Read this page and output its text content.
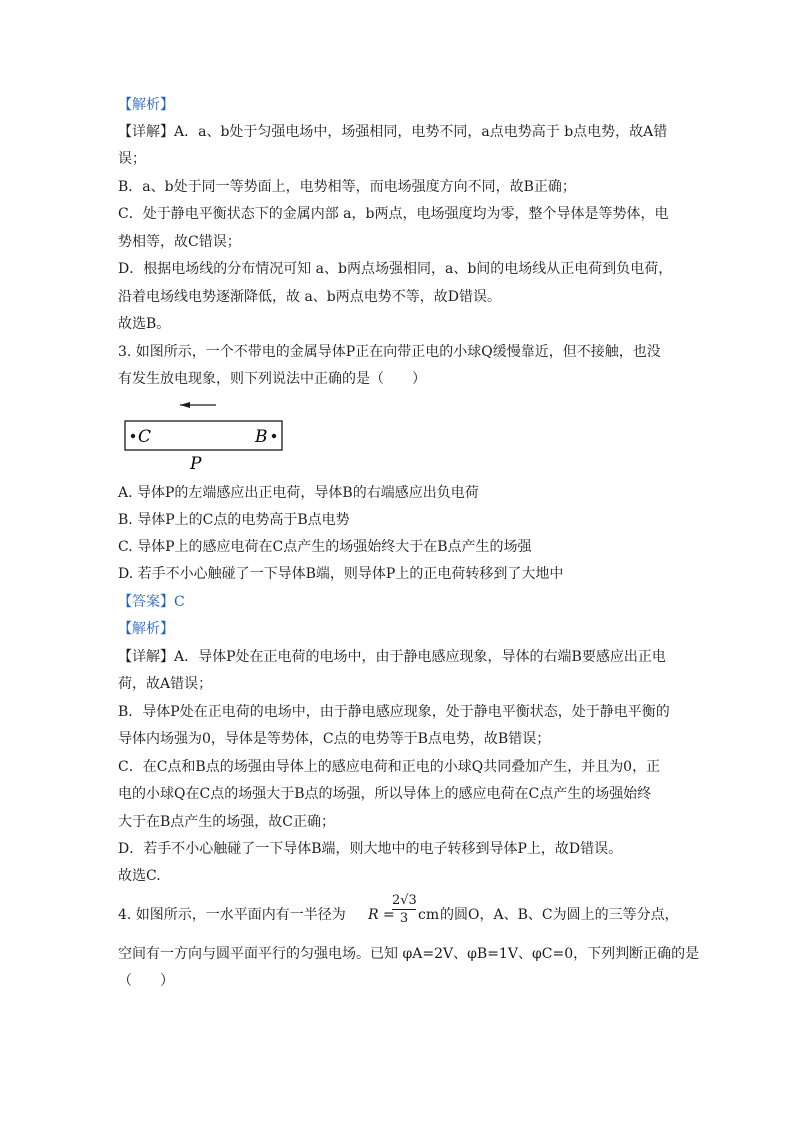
【解析】
【详解】A．a、b处于匀强电场中，场强相同，电势不同，a点电势高于 b点电势，故A错
误；
B．a、b处于同一等势面上，电势相等，而电场强度方向不同，故B正确；
C．处于静电平衡状态下的金属内部 a，b两点，电场强度均为零，整个导体是等势体，电
势相等，故C错误；
D．根据电场线的分布情况可知 a、b两点场强相同，a、b间的电场线从正电荷到负电荷，
沿着电场线电势逐渐降低，故 a、b两点电势不等，故D错误。
故选B。
3. 如图所示，一个不带电的金属导体P正在向带正电的小球Q缓慢靠近，但不接触，也没
有发生放电现象，则下列说法中正确的是（　　）
C	B
P
A. 导体P的左端感应出正电荷，导体B的右端感应出负电荷
B. 导体P上的C点的电势高于B点电势
C. 导体P上的感应电荷在C点产生的场强始终大于在B点产生的场强
D. 若手不小心触碰了一下导体B端，则导体P上的正电荷转移到了大地中
【答案】C
【解析】
【详解】A．导体P处在正电荷的电场中，由于静电感应现象，导体的右端B要感应出正电
荷，故A错误；
B．导体P处在正电荷的电场中，由于静电感应现象，处于静电平衡状态，处于静电平衡的
导体内场强为0，导体是等势体，C点的电势等于B点电势，故B错误；
C．在C点和B点的场强由导体上的感应电荷和正电的小球Q共同叠加产生，并且为0，正
电的小球Q在C点的场强大于B点的场强，所以导体上的感应电荷在C点产生的场强始终
大于在B点产生的场强，故C正确；
D．若手不小心触碰了一下导体B端，则大地中的电子转移到导体P上，故D错误。
故选C.
4. 如图所示，一水平面内有一半径为 R =
2√3
3 cm 的圆O，A、B、C为圆上的三等分点，
空间有一方向与圆平面平行的匀强电场。已知 φA=2V、φB=1V、φC=0，下列判断正确的是
（　　）
